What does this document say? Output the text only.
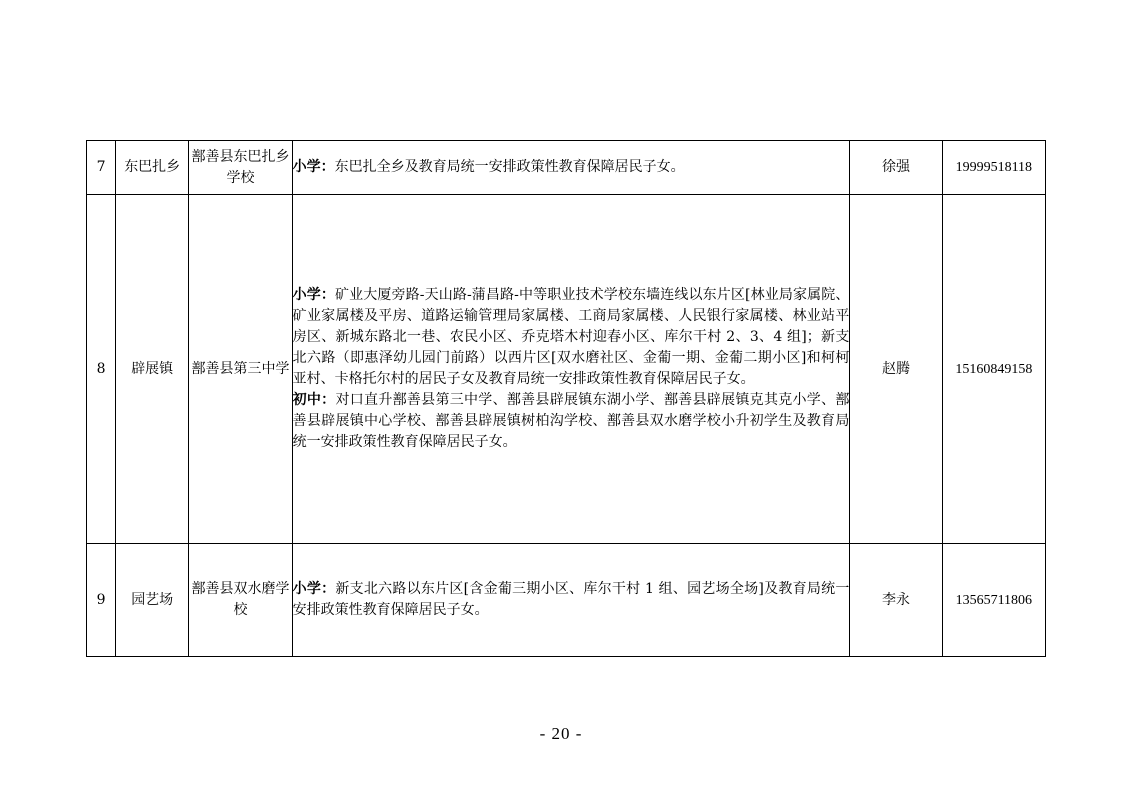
7	东巴扎乡	鄯善县东巴扎乡学校	小学：东巴扎全乡及教育局统一安排政策性教育保障居民子女。	徐强	19999518118
8	辟展镇	鄯善县第三中学	小学：矿业大厦旁路-天山路-蒲昌路-中等职业技术学校东墙连线以东片区[林业局家属院、矿业家属楼及平房、道路运输管理局家属楼、工商局家属楼、人民银行家属楼、林业站平房区、新城东路北一巷、农民小区、乔克塔木村迎春小区、库尔干村 2、3、4 组]；新支北六路（即惠泽幼儿园门前路）以西片区[双水磨社区、金葡一期、金葡二期小区]和柯柯亚村、卡格托尔村的居民子女及教育局统一安排政策性教育保障居民子女。
初中：对口直升鄯善县第三中学、鄯善县辟展镇东湖小学、鄯善县辟展镇克其克小学、鄯善县辟展镇中心学校、鄯善县辟展镇树柏沟学校、鄯善县双水磨学校小升初学生及教育局统一安排政策性教育保障居民子女。	赵腾	15160849158
9	园艺场	鄯善县双水磨学校	小学：新支北六路以东片区[含金葡三期小区、库尔干村 1 组、园艺场全场]及教育局统一安排政策性教育保障居民子女。	李永	13565711806
- 20 -
